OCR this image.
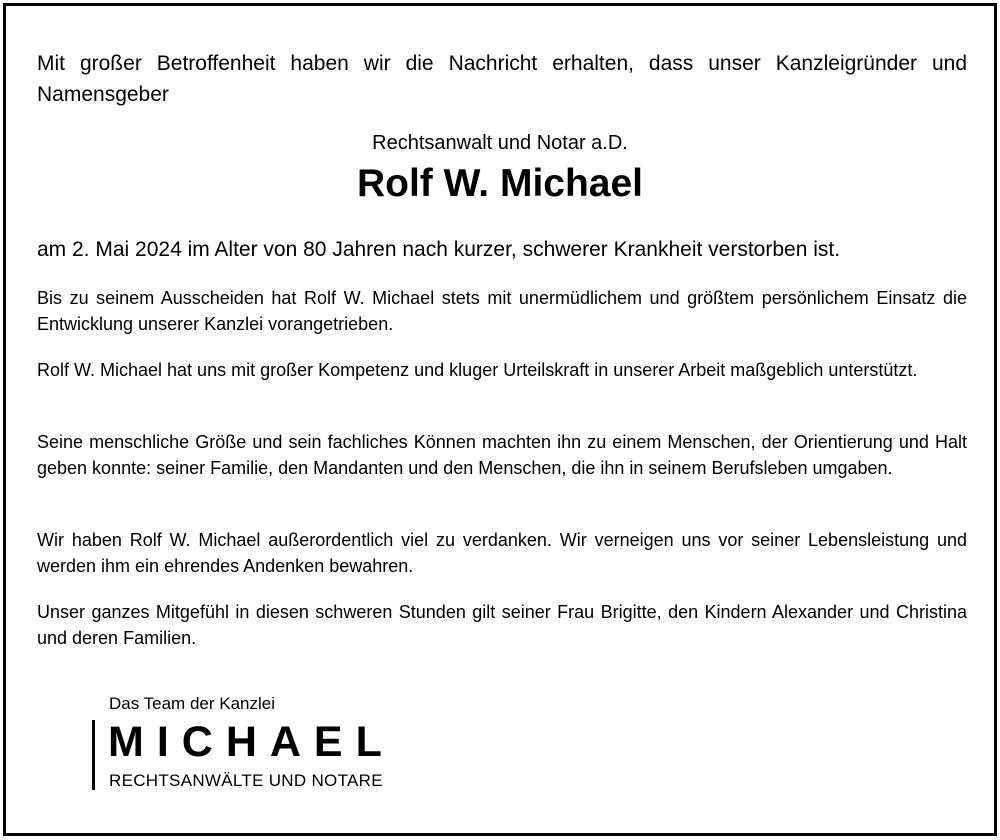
Mit großer Betroffenheit haben wir die Nachricht erhalten, dass unser Kanzleigründer und Namensgeber
Rechtsanwalt und Notar a.D.
Rolf W. Michael
am 2. Mai 2024 im Alter von 80 Jahren nach kurzer, schwerer Krankheit verstorben ist.
Bis zu seinem Ausscheiden hat Rolf W. Michael stets mit unermüdlichem und größtem persönlichem Einsatz die Entwicklung unserer Kanzlei vorangetrieben.
Rolf W. Michael hat uns mit großer Kompetenz und kluger Urteilskraft in unserer Arbeit maßgeblich unterstützt.
Seine menschliche Größe und sein fachliches Können machten ihn zu einem Menschen, der Orientierung und Halt geben konnte: seiner Familie, den Mandanten und den Menschen, die ihn in seinem Berufsleben umgaben.
Wir haben Rolf W. Michael außerordentlich viel zu verdanken. Wir verneigen uns vor seiner Lebensleistung und werden ihm ein ehrendes Andenken bewahren.
Unser ganzes Mitgefühl in diesen schweren Stunden gilt seiner Frau Brigitte, den Kindern Alexander und Christina und deren Familien.
Das Team der Kanzlei
MICHAEL
RECHTSANWÄLTE UND NOTARE
